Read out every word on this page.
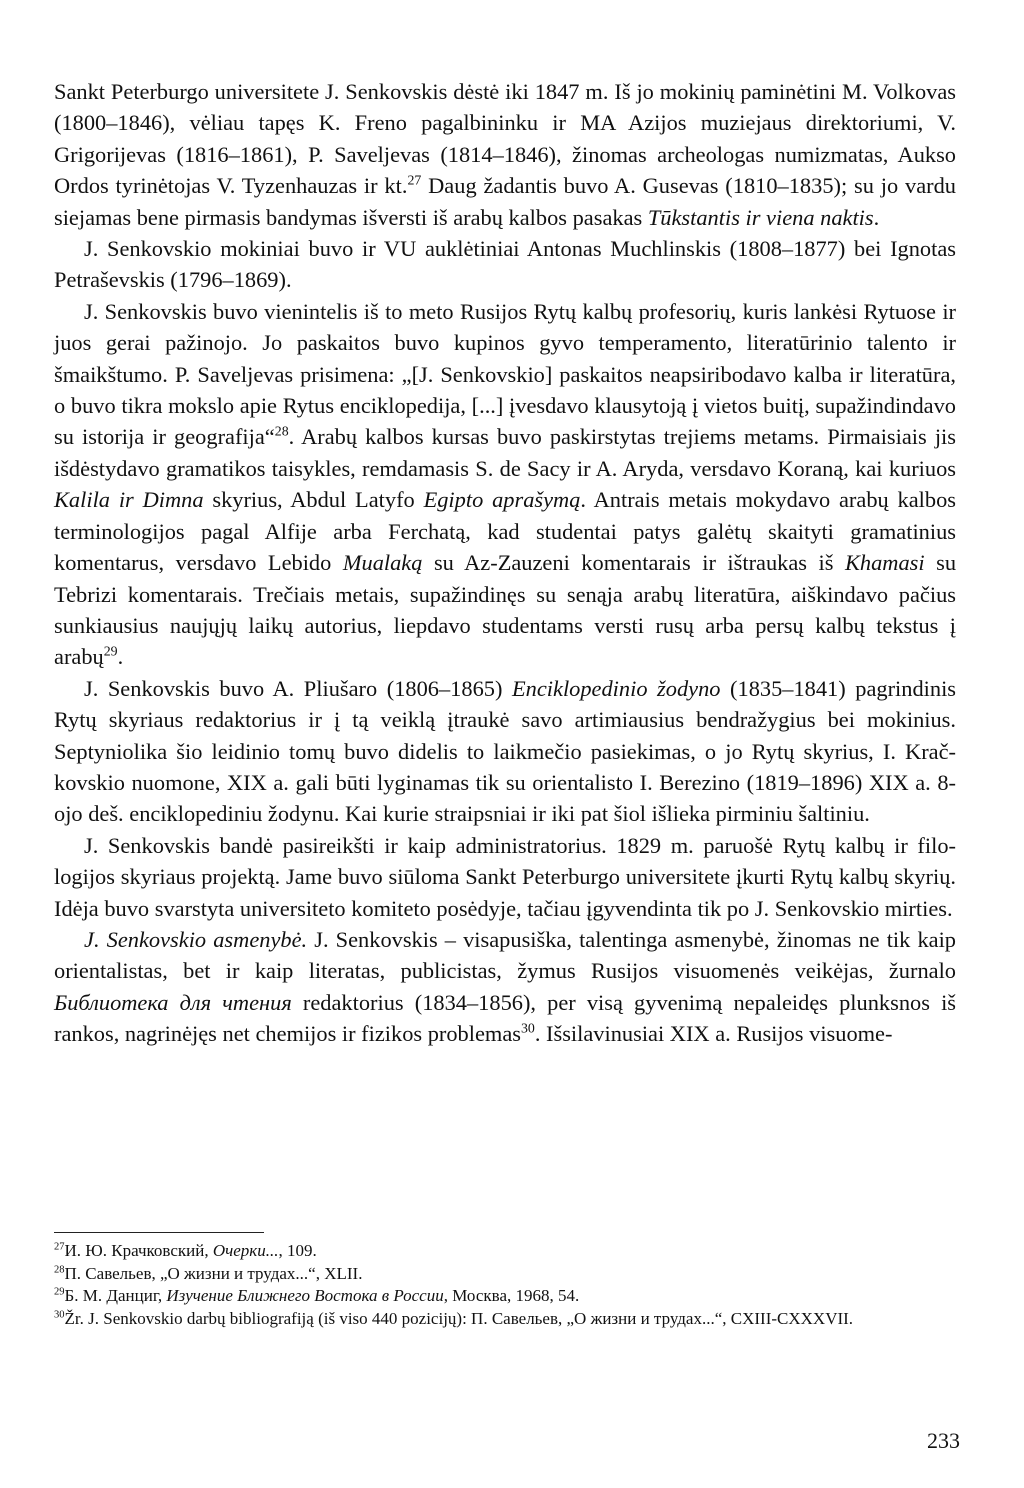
Sankt Peterburgo universitete J. Senkovskis dėstė iki 1847 m. Iš jo mokinių paminėtini M. Volkovas (1800–1846), vėliau tapęs K. Freno pagalbininku ir MA Azijos muziejaus direktoriumi, V. Grigorijevas (1816–1861), P. Saveljevas (1814–1846), žinomas archeologas numizmatas, Aukso Ordos tyrinėtojas V. Tyzenhauzas ir kt.$^{27}$ Daug žadantis buvo A. Gusevas (1810–1835); su jo vardu siejamas bene pirmasis bandymas išversti iš arabų kalbos pasakas Tūkstantis ir viena naktis.

J. Senkovskio mokiniai buvo ir VU auklėtiniai Antonas Muchlinskis (1808–1877) bei Ignotas Petraševskis (1796–1869).

J. Senkovskis buvo vienintelis iš to meto Rusijos Rytų kalbų profesorių, kuris lankėsi Rytuose ir juos gerai pažinojo. Jo paskaitos buvo kupinos gyvo temperamento, literatūrinio talento ir šmaikštumo. P. Saveljevas prisimena: „[J. Senkovskio] paskaitos neapsiribodavo kalba ir literatūra, o buvo tikra mokslo apie Rytus enciklopedija, [...] įvesdavo klausytoją į vietos buitį, supažindindavo su istorija ir geografija“$^{28}$. Arabų kalbos kursas buvo paskirstytas trejiems metams. Pirmaisiais jis išdėstydavo gramatikos taisykles, remdamasis S. de Sacy ir A. Aryda, versdavo Koraną, kai kuriuos Kalila ir Dimna skyrius, Abdul Latyfo Egipto aprašymą. Antrais metais mokydavo arabų kalbos terminologijos pagal Alfije arba Ferchatą, kad studentai patys galėtų skaityti gramatinius komentarus, versdavo Lebido Mualaką su Az-Zauzeni komentarais ir ištraukas iš Khamasi su Tebrizi komentarais. Trečiais metais, supažindinęs su senąja arabų literatūra, aiškindavo pačius sunkiausius naujųjų laikų autorius, liepdavo studentams versti rusų arba persų kalbų tekstus į arabų$^{29}$.

J. Senkovskis buvo A. Pliušaro (1806–1865) Enciklopedinio žodyno (1835–1841) pagrindinis Rytų skyriaus redaktorius ir į tą veiklą įtraukė savo artimiausius bendražygius bei mokinius. Septyniolika šio leidinio tomų buvo didelis to laikmečio pasiekimas, o jo Rytų skyrius, I. Kračkovskio nuomone, XIX a. gali būti lyginamas tik su orientalisto I. Berezino (1819–1896) XIX a. 8-ojo deš. enciklopediniu žodynu. Kai kurie straipsniai ir iki pat šiol išlieka pirminiu šaltiniu.

J. Senkovskis bandė pasireikšti ir kaip administratorius. 1829 m. paruošė Rytų kalbų ir filologijos skyriaus projektą. Jame buvo siūloma Sankt Peterburgo universitete įkurti Rytų kalbų skyrių. Idėja buvo svarstyta universiteto komiteto posėdyje, tačiau įgyvendinta tik po J. Senkovskio mirties.

J. Senkovskio asmenybė. J. Senkovskis – visapusiška, talentinga asmenybė, žinomas ne tik kaip orientalistas, bet ir kaip literatas, publicistas, žymus Rusijos visuomenės veikėjas, žurnalo Библиотека для чтения redaktorius (1834–1856), per visą gyvenimą nepaleidęs plunksnos iš rankos, nagrinėjęs net chemijos ir fizikos problemas$^{30}$. Išsilavinusiai XIX a. Rusijos visuome-

$^{27}$И. Ю. Крачковский, Очерки..., 109.
$^{28}$П. Савельев, „О жизни и трудах...“, XLII.
$^{29}$Б. М. Данциг, Изучение Ближнего Востока в России, Москва, 1968, 54.
$^{30}$Žr. J. Senkovskio darbų bibliografiją (iš viso 440 pozicijų): П. Савельев, „О жизни и трудах...“, CXIII-CXXXVII.
233
